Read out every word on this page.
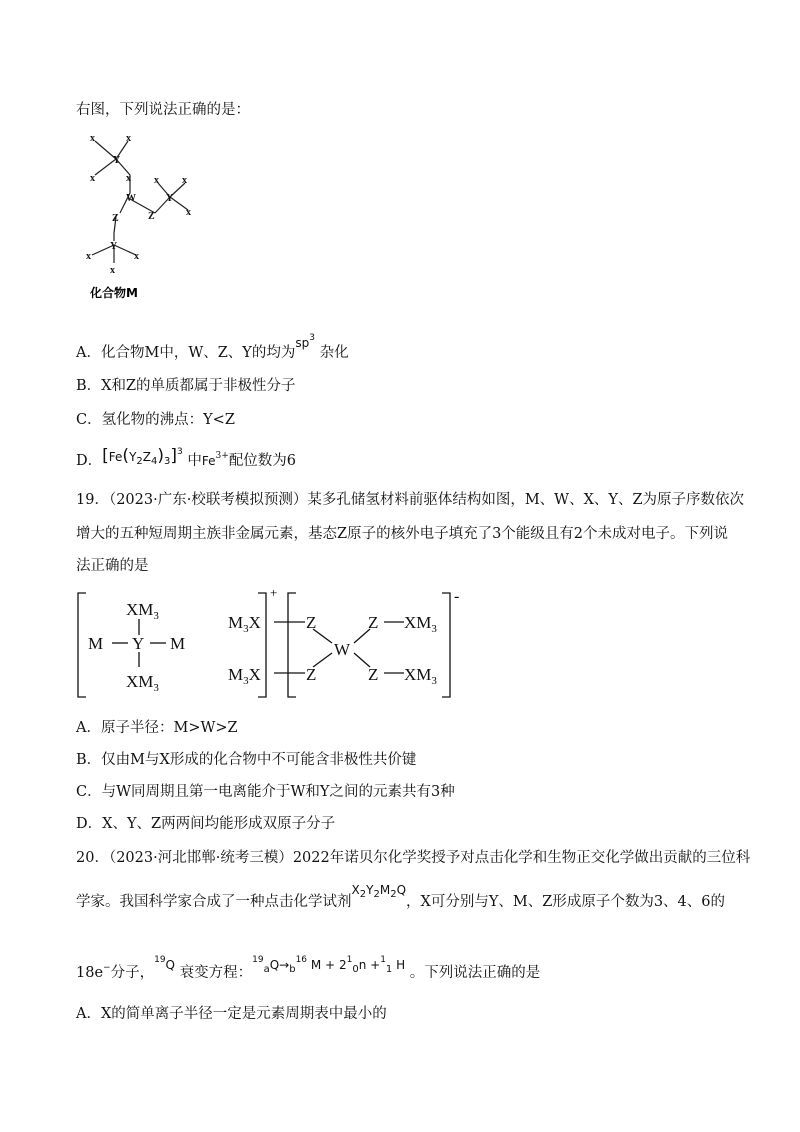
右图，下列说法正确的是：
x	x
Y
x	x
W
x x
Y
x
Z	Z
Y
x	x
x
化合物M
A．化合物M中，W、Z、Y的均为$^{sp^3}$ 杂化
B．X和Z的单质都属于非极性分子
C．氢化物的沸点：Y<Z
D．$^{[Fe(Y_2Z_4)_3]^3}$ 中$Fe^{3+}$配位数为6
19．（2023·广东·校联考模拟预测）某多孔储氢材料前驱体结构如图，M、W、X、Y、Z为原子序数依次
增大的五种短周期主族非金属元素，基态Z原子的核外电子填充了3个能级且有2个未成对电子。下列说
法正确的是
$XM_3$
M Y M
$XM_3$
$M_3X$	Z
W
Z $XM_3$
$M_3X$	Z	Z $XM_3$
+	-
A．原子半径：M>W>Z
B．仅由M与X形成的化合物中不可能含非极性共价键
C．与W同周期且第一电离能介于W和Y之间的元素共有3种
D．X、Y、Z两两间均能形成双原子分子
20．（2023·河北邯郸·统考三模）2022年诺贝尔化学奖授予对点击化学和生物正交化学做出贡献的三位科
学家。我国科学家合成了一种点击化学试剂$^{X_2Y_2M_2Q}$，X可分别与Y、M、Z形成原子个数为3、4、6的
18e−分子，$^{^{19}Q}$ 衰变方程：$^{^{19}_aQ\to_b^{16} M + 2^1_0n +^1_1 H}$ 。下列说法正确的是
A．X的简单离子半径一定是元素周期表中最小的
